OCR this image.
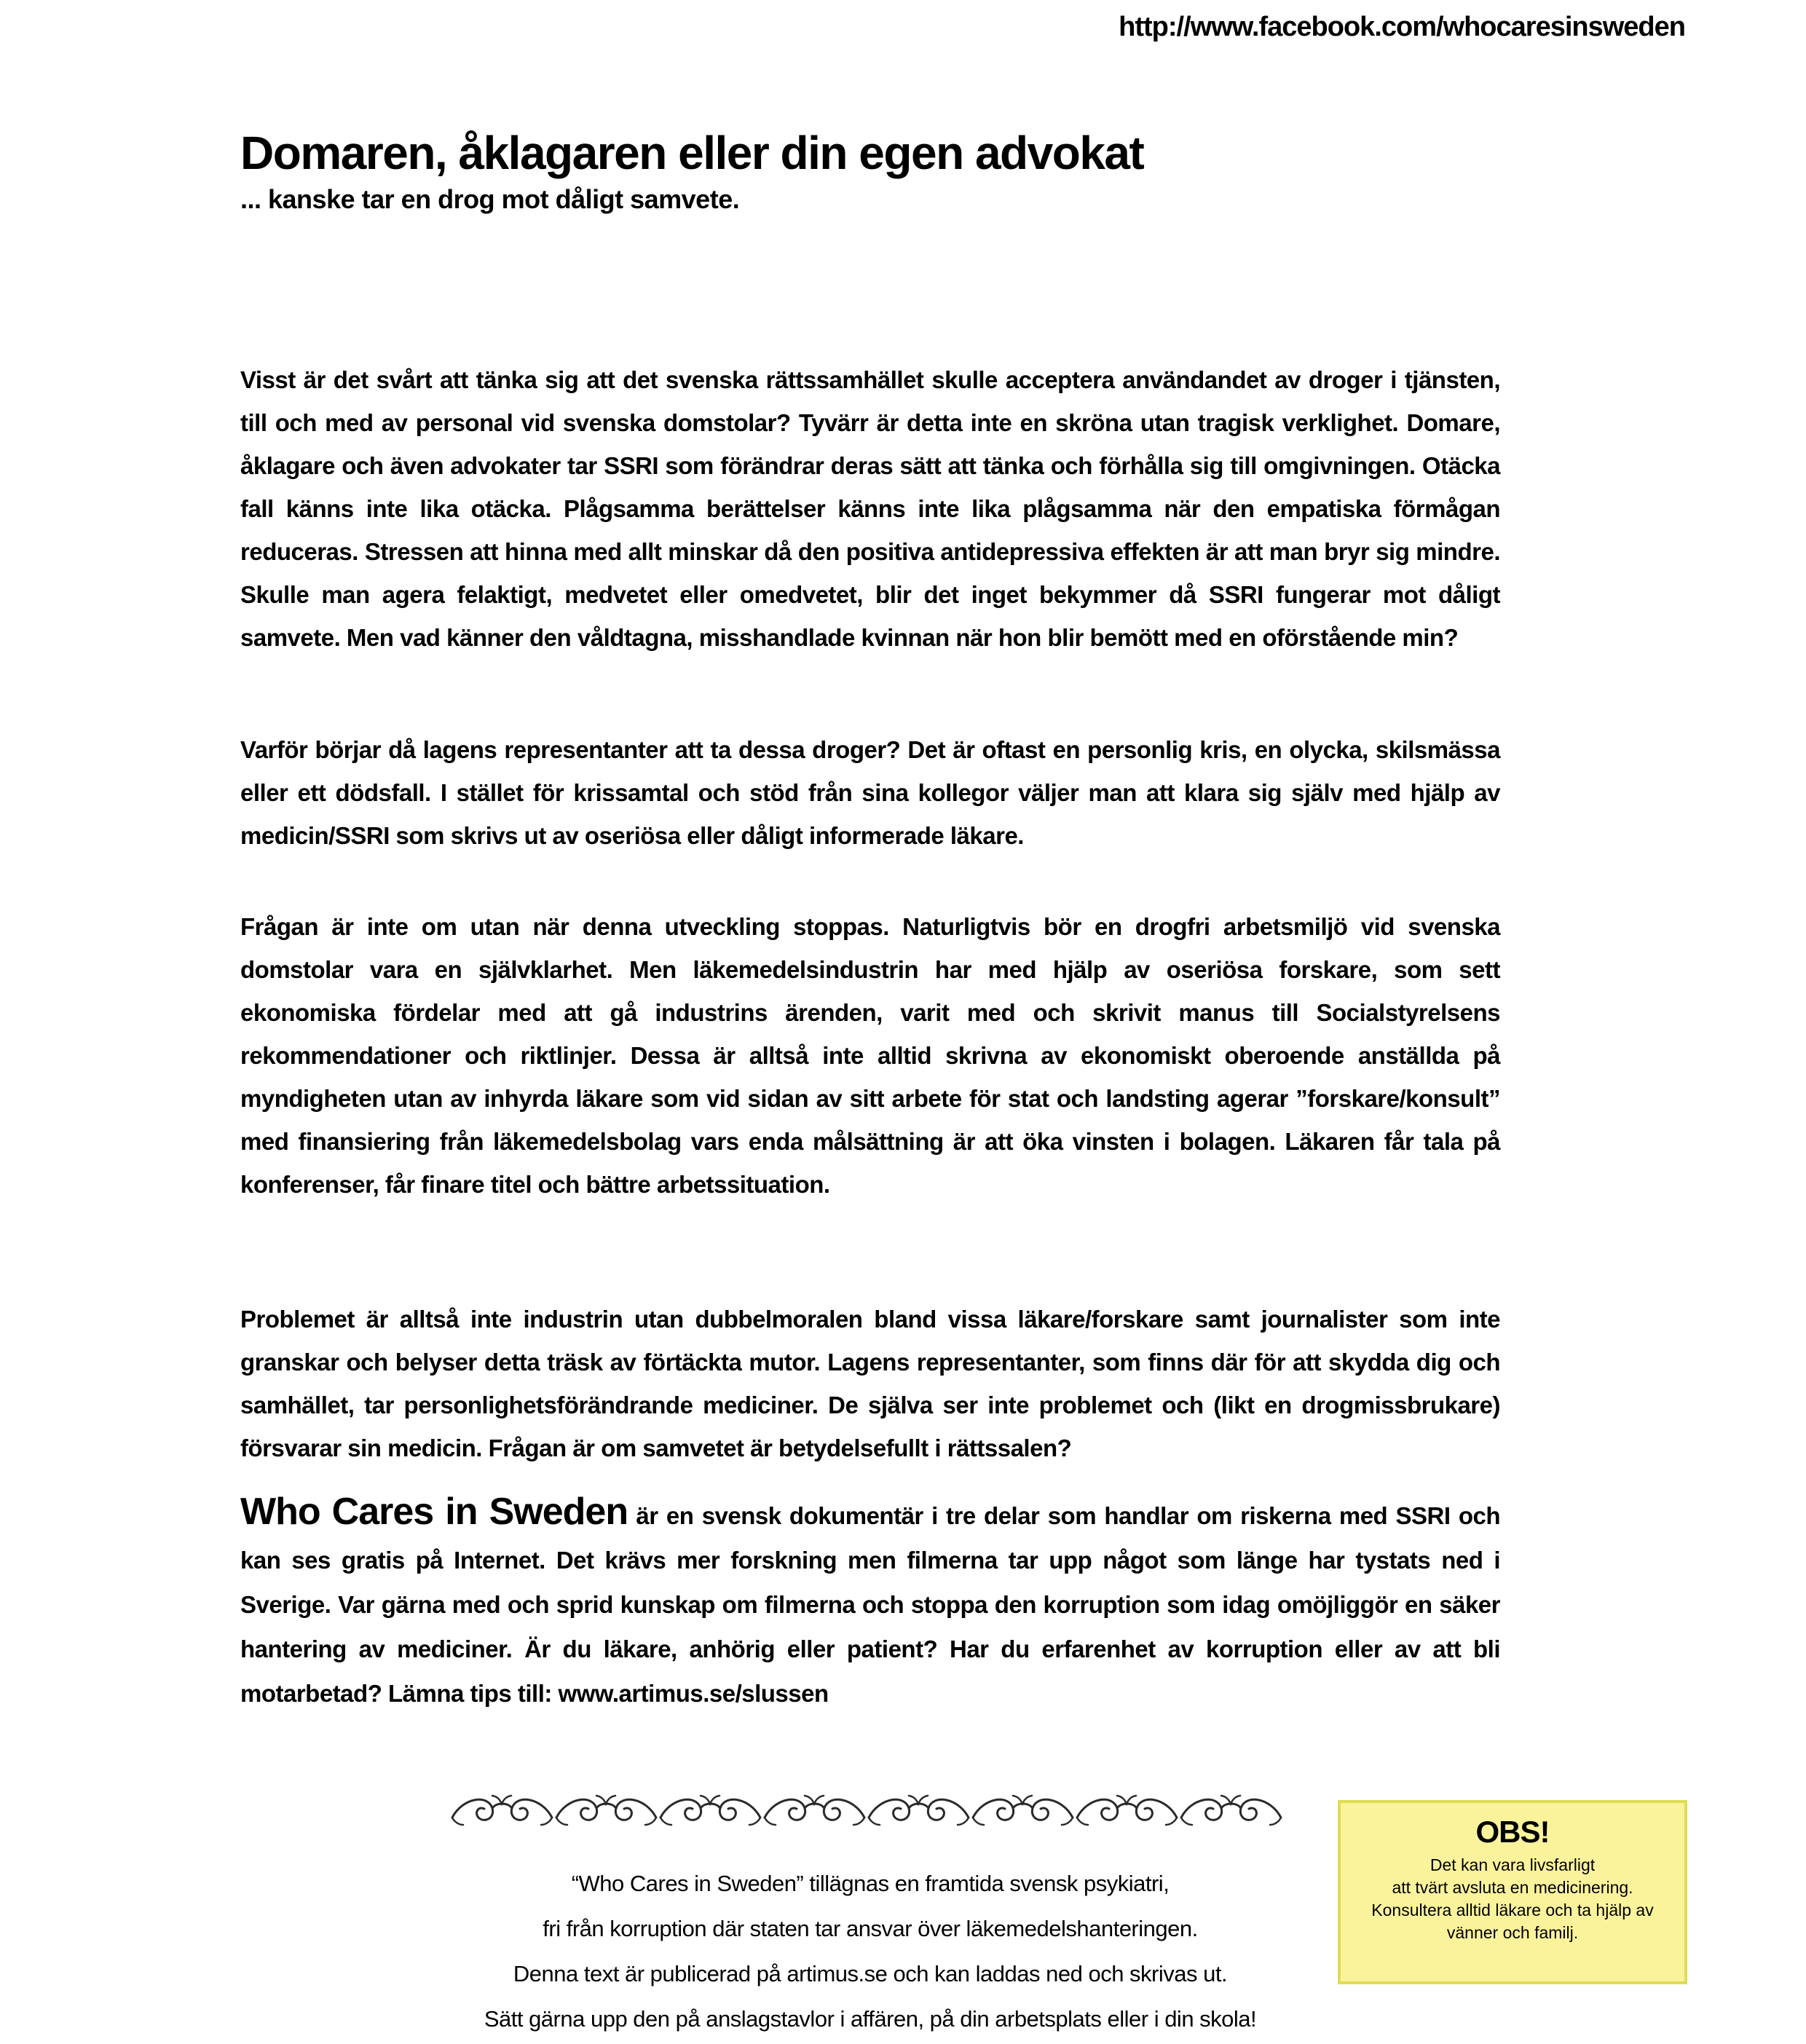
http://www.facebook.com/whocaresinsweden
Domaren, åklagaren eller din egen advokat

... kanske tar en drog mot dåligt samvete.

Visst är det svårt att tänka sig att det svenska rättssamhället skulle acceptera användandet av droger i tjänsten, till och med av personal vid svenska domstolar? Tyvärr är detta inte en skröna utan tragisk verklighet. Domare, åklagare och även advokater tar SSRI som förändrar deras sätt att tänka och förhålla sig till omgivningen. Otäcka fall känns inte lika otäcka. Plågsamma berättelser känns inte lika plågsamma när den empatiska förmågan reduceras. Stressen att hinna med allt minskar då den positiva antidepressiva effekten är att man bryr sig mindre. Skulle man agera felaktigt, medvetet eller omedvetet, blir det inget bekymmer då SSRI fungerar mot dåligt samvete. Men vad känner den våldtagna, misshandlade kvinnan när hon blir bemött med en oförstående min?

Varför börjar då lagens representanter att ta dessa droger? Det är oftast en personlig kris, en olycka, skilsmässa eller ett dödsfall. I stället för krissamtal och stöd från sina kollegor väljer man att klara sig själv med hjälp av medicin/SSRI som skrivs ut av oseriösa eller dåligt informerade läkare.

Frågan är inte om utan när denna utveckling stoppas. Naturligtvis bör en drogfri arbetsmiljö vid svenska domstolar vara en självklarhet. Men läkemedelsindustrin har med hjälp av oseriösa forskare, som sett ekonomiska fördelar med att gå industrins ärenden, varit med och skrivit manus till Socialstyrelsens rekommendationer och riktlinjer. Dessa är alltså inte alltid skrivna av ekonomiskt oberoende anställda på myndigheten utan av inhyrda läkare som vid sidan av sitt arbete för stat och landsting agerar ”forskare/konsult” med finansiering från läkemedelsbolag vars enda målsättning är att öka vinsten i bolagen. Läkaren får tala på konferenser, får finare titel och bättre arbetssituation.

Problemet är alltså inte industrin utan dubbelmoralen bland vissa läkare/forskare samt journalister som inte granskar och belyser detta träsk av förtäckta mutor. Lagens representanter, som finns där för att skydda dig och samhället, tar personlighetsförändrande mediciner. De själva ser inte problemet och (likt en drogmissbrukare) försvarar sin medicin. Frågan är om samvetet är betydelsefullt i rättssalen?

Who Cares in Sweden är en svensk dokumentär i tre delar som handlar om riskerna med SSRI och kan ses gratis på Internet. Det krävs mer forskning men filmerna tar upp något som länge har tystats ned i Sverige. Var gärna med och sprid kunskap om filmerna och stoppa den korruption som idag omöjliggör en säker hantering av mediciner. Är du läkare, anhörig eller patient? Har du erfarenhet av korruption eller av att bli motarbetad? Lämna tips till: www.artimus.se/slussen

“Who Cares in Sweden” tillägnas en framtida svensk psykiatri,

fri från korruption där staten tar ansvar över läkemedelshanteringen.

Denna text är publicerad på artimus.se och kan laddas ned och skrivas ut.

Sätt gärna upp den på anslagstavlor i affären, på din arbetsplats eller i din skola!

OBS!

Det kan vara livsfarligt

att tvärt avsluta en medicinering.

Konsultera alltid läkare och ta hjälp av

vänner och familj.
